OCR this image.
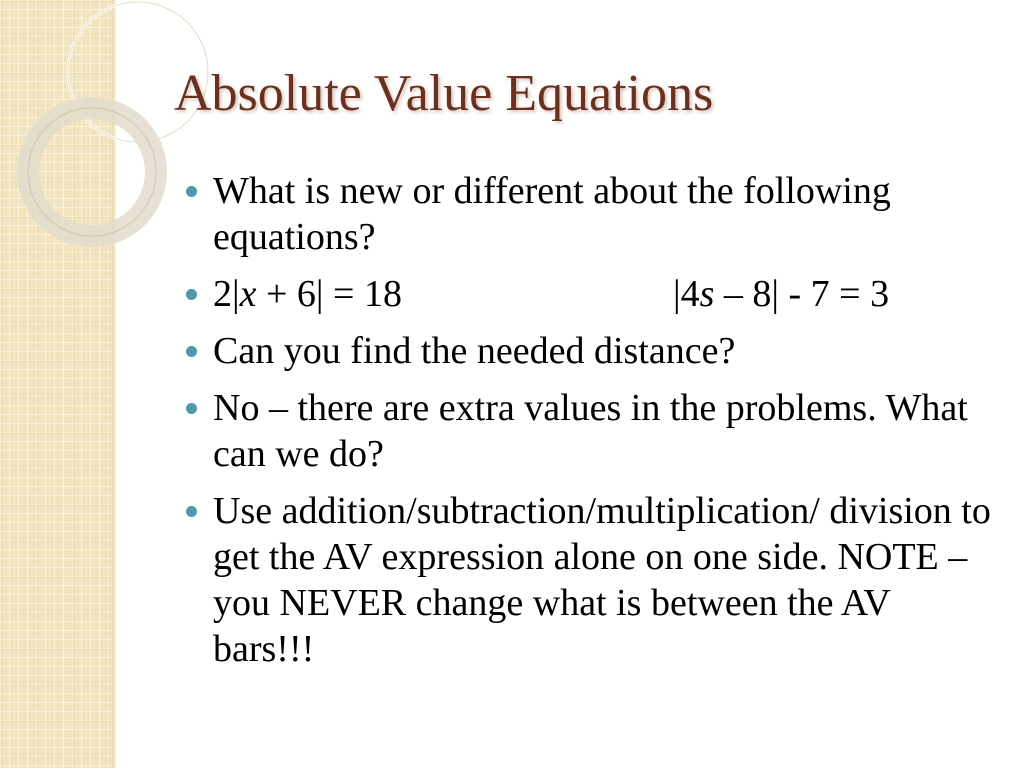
Absolute Value Equations
What is new or different about the following equations?
2|x + 6| = 18	|4s – 8| - 7 = 3
Can you find the needed distance?
No – there are extra values in the problems. What can we do?
Use addition/subtraction/multiplication/ division to get the AV expression alone on one side. NOTE – you NEVER change what is between the AV bars!!!
